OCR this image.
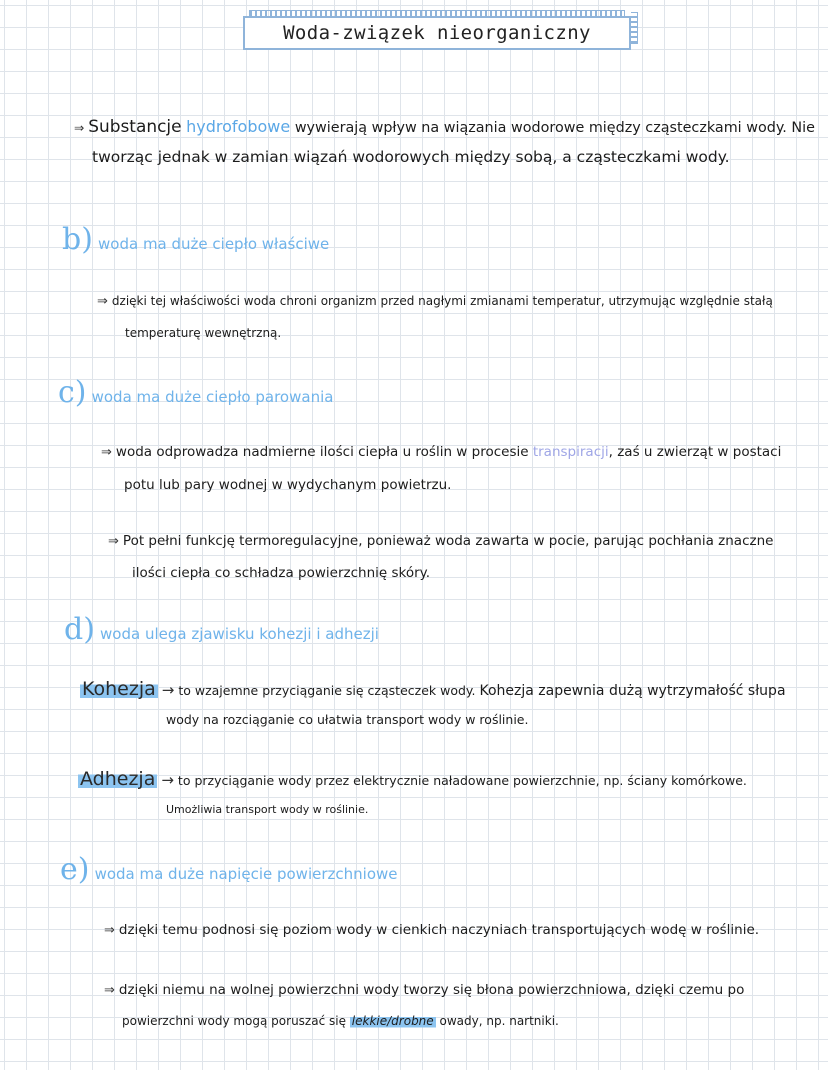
Woda-związek nieorganiczny
⇒ Substancje hydrofobowe wywierają wpływ na wiązania wodorowe między cząsteczkami wody. Nie
tworząc jednak w zamian wiązań wodorowych między sobą, a cząsteczkami wody.
b) woda ma duże ciepło właściwe
⇒ dzięki tej właściwości woda chroni organizm przed nagłymi zmianami temperatur, utrzymując względnie stałą
temperaturę wewnętrzną.
c) woda ma duże ciepło parowania
⇒ woda odprowadza nadmierne ilości ciepła u roślin w procesie transpiracji, zaś u zwierząt w postaci
potu lub pary wodnej w wydychanym powietrzu.
⇒ Pot pełni funkcję termoregulacyjne, ponieważ woda zawarta w pocie, parując pochłania znaczne
ilości ciepła co schładza powierzchnię skóry.
d) woda ulega zjawisku kohezji i adhezji
Kohezja → to wzajemne przyciąganie się cząsteczek wody. Kohezja zapewnia dużą wytrzymałość słupa
wody na rozciąganie co ułatwia transport wody w roślinie.
Adhezja → to przyciąganie wody przez elektrycznie naładowane powierzchnie, np. ściany komórkowe.
Umożliwia transport wody w roślinie.
e) woda ma duże napięcie powierzchniowe
⇒ dzięki temu podnosi się poziom wody w cienkich naczyniach transportujących wodę w roślinie.
⇒ dzięki niemu na wolnej powierzchni wody tworzy się błona powierzchniowa, dzięki czemu po
powierzchni wody mogą poruszać się lekkie/drobne owady, np. nartniki.
